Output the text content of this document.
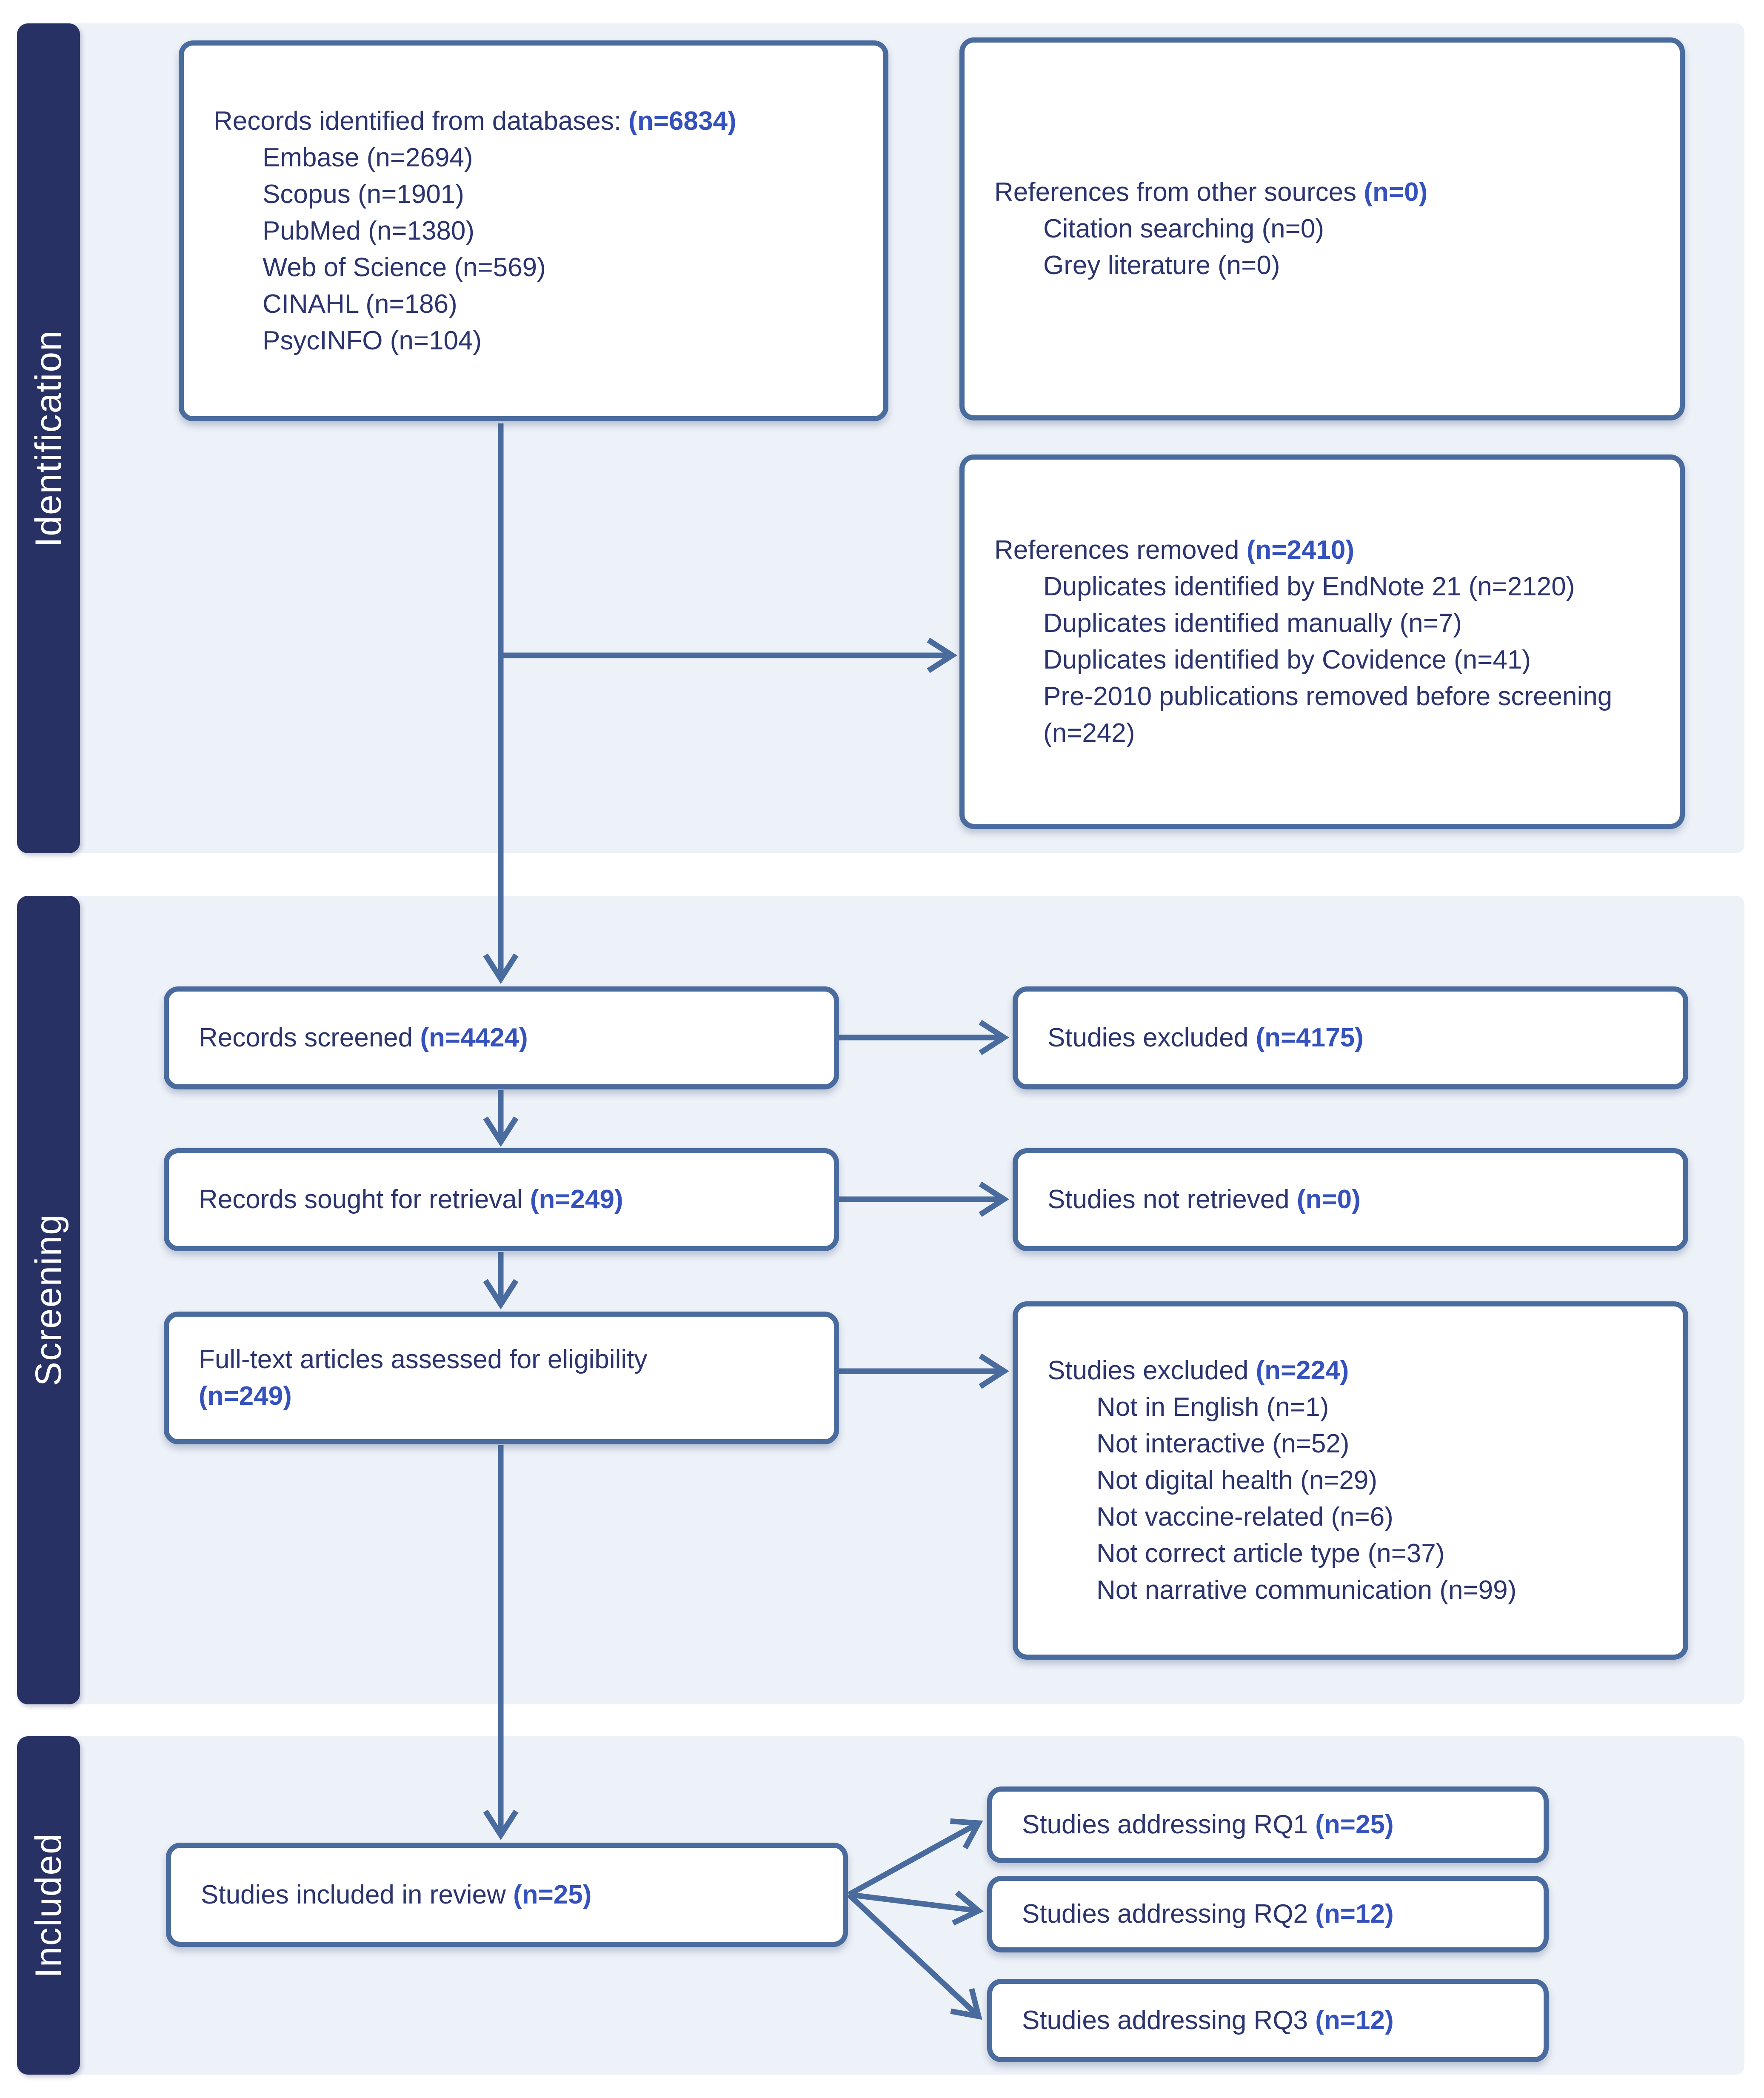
Identification
Screening
Included
Records identified from databases: (n=6834)
Embase (n=2694)
Scopus (n=1901)
PubMed (n=1380)
Web of Science (n=569)
CINAHL (n=186)
PsycINFO (n=104)
References from other sources (n=0)
Citation searching (n=0)
Grey literature (n=0)
References removed (n=2410)
Duplicates identified by EndNote 21 (n=2120)
Duplicates identified manually (n=7)
Duplicates identified by Covidence (n=41)
Pre-2010 publications removed before screening (n=242)
Records screened (n=4424)	Studies excluded (n=4175)
Records sought for retrieval (n=249)	Studies not retrieved (n=0)
Full-text articles assessed for eligibility
(n=249)
Studies excluded (n=224)
Not in English (n=1)
Not interactive (n=52)
Not digital health (n=29)
Not vaccine-related (n=6)
Not correct article type (n=37)
Not narrative communication (n=99)
Studies included in review (n=25)
Studies addressing RQ1 (n=25)
Studies addressing RQ2 (n=12)
Studies addressing RQ3 (n=12)
